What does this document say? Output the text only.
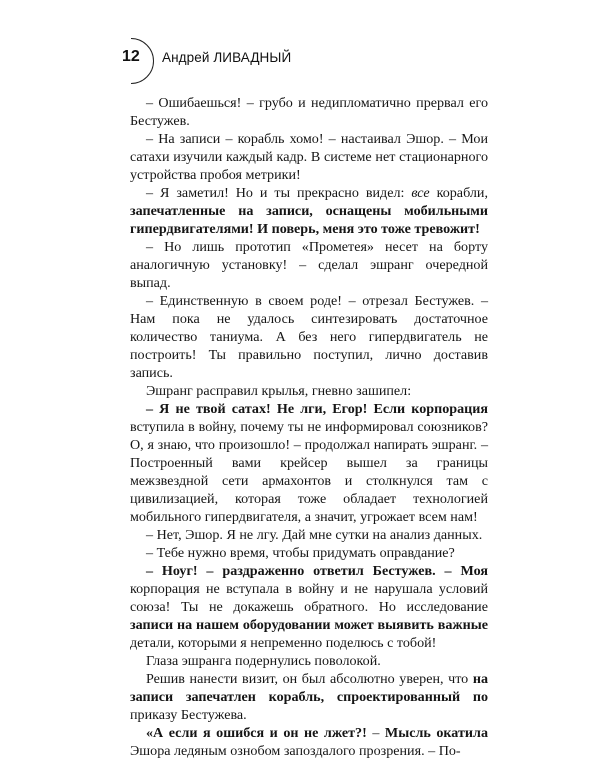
12 Андрей ЛИВАДНЫЙ

– Ошибаешься! – грубо и недипломатично прервал его Бестужев.

– На записи – корабль хомо! – настаивал Эшор. – Мои сатахи изучили каждый кадр. В системе нет стационарного устройства пробоя метрики!

– Я заметил! Но и ты прекрасно видел: все корабли, запечатленные на записи, оснащены мобильными гипердвигателями! И поверь, меня это тоже тревожит!

– Но лишь прототип «Прометея» несет на борту аналогичную установку! – сделал эшранг очередной выпад.

– Единственную в своем роде! – отрезал Бестужев. – Нам пока не удалось синтезировать достаточное количество таниума. А без него гипердвигатель не построить! Ты правильно поступил, лично доставив запись.

Эшранг расправил крылья, гневно зашипел:

– Я не твой сатах! Не лги, Егор! Если корпорация вступила в войну, почему ты не информировал союзников? О, я знаю, что произошло! – продолжал напирать эшранг. – Построенный вами крейсер вышел за границы межзвездной сети армахонтов и столкнулся там с цивилизацией, которая тоже обладает технологией мобильного гипердвигателя, а значит, угрожает всем нам!

– Нет, Эшор. Я не лгу. Дай мне сутки на анализ данных.

– Тебе нужно время, чтобы придумать оправдание?

– Ноуг! – раздраженно ответил Бестужев. – Моя корпорация не вступала в войну и не нарушала условий союза! Ты не докажешь обратного. Но исследование записи на нашем оборудовании может выявить важные детали, которыми я непременно поделюсь с тобой!

Глаза эшранга подернулись поволокой.

Решив нанести визит, он был абсолютно уверен, что на записи запечатлен корабль, спроектированный по приказу Бестужева.

«А если я ошибся и он не лжет?! – Мысль окатила Эшора ледяным ознобом запоздалого прозрения. – По-
